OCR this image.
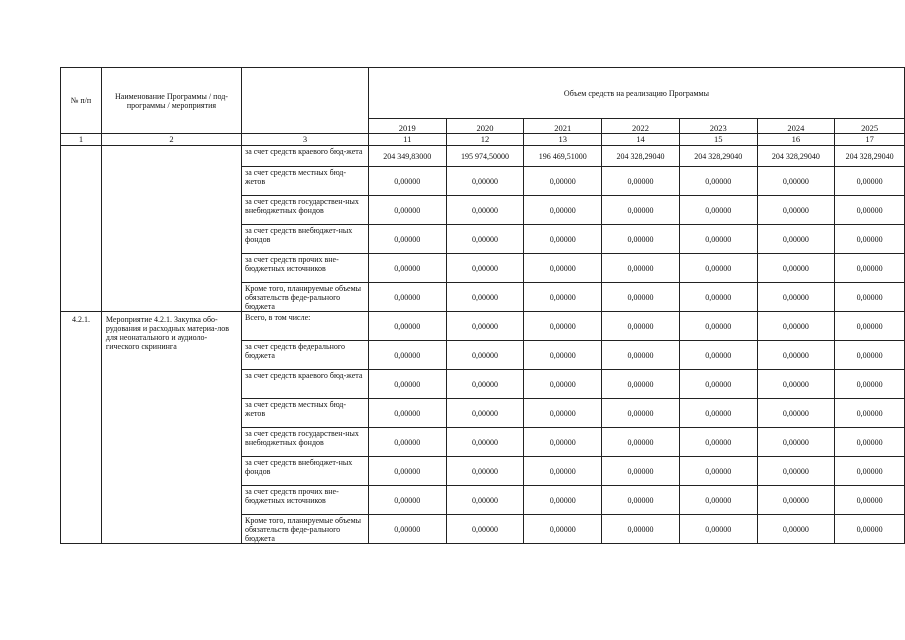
№ п/п	Наименование Программы / под-программы / мероприятия		Объем средств на реализацию Программы						
			2019	2020	2021	2022	2023	2024	2025
1	2	3	11	12	13	14	15	16	17
		за счет средств краевого бюд-жета	204 349,83000	195 974,50000	196 469,51000	204 328,29040	204 328,29040	204 328,29040	204 328,29040
		за счет средств местных бюд-жетов	0,00000	0,00000	0,00000	0,00000	0,00000	0,00000	0,00000
		за счет средств государствен-ных внебюджетных фондов	0,00000	0,00000	0,00000	0,00000	0,00000	0,00000	0,00000
		за счет средств внебюджет-ных фондов	0,00000	0,00000	0,00000	0,00000	0,00000	0,00000	0,00000
		за счет средств прочих вне-бюджетных источников	0,00000	0,00000	0,00000	0,00000	0,00000	0,00000	0,00000
		Кроме того, планируемые объемы обязательств феде-рального бюджета	0,00000	0,00000	0,00000	0,00000	0,00000	0,00000	0,00000
4.2.1.	Мероприятие 4.2.1. Закупка обо-рудования и расходных материа-лов для неонатального и аудиоло-гического скрининга	Всего, в том числе:	0,00000	0,00000	0,00000	0,00000	0,00000	0,00000	0,00000
		за счет средств федерального бюджета	0,00000	0,00000	0,00000	0,00000	0,00000	0,00000	0,00000
		за счет средств краевого бюд-жета	0,00000	0,00000	0,00000	0,00000	0,00000	0,00000	0,00000
		за счет средств местных бюд-жетов	0,00000	0,00000	0,00000	0,00000	0,00000	0,00000	0,00000
		за счет средств государствен-ных внебюджетных фондов	0,00000	0,00000	0,00000	0,00000	0,00000	0,00000	0,00000
		за счет средств внебюджет-ных фондов	0,00000	0,00000	0,00000	0,00000	0,00000	0,00000	0,00000
		за счет средств прочих вне-бюджетных источников	0,00000	0,00000	0,00000	0,00000	0,00000	0,00000	0,00000
		Кроме того, планируемые объемы обязательств феде-рального бюджета	0,00000	0,00000	0,00000	0,00000	0,00000	0,00000	0,00000
